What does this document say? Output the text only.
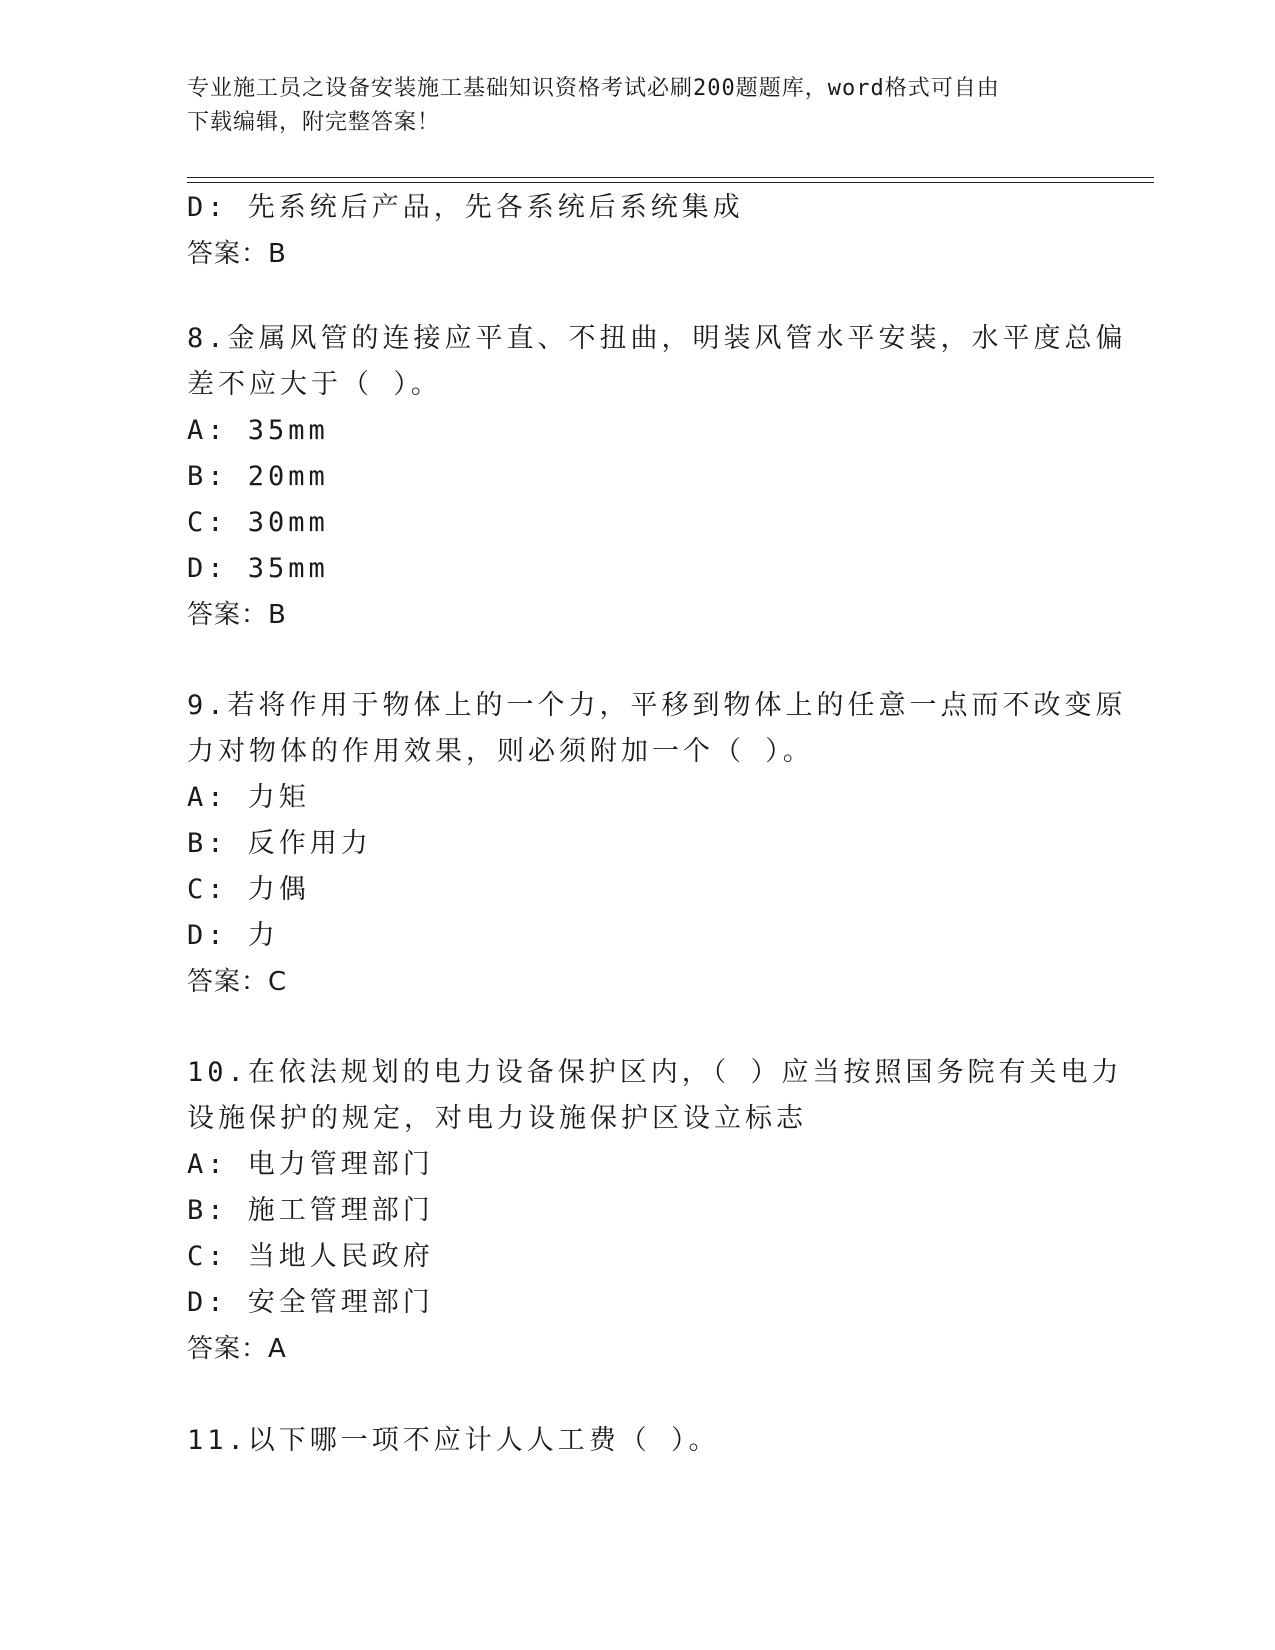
专业施工员之设备安装施工基础知识资格考试必刷200题题库，word格式可自由
下载编辑，附完整答案！
D: 先系统后产品，先各系统后系统集成
答案：B
8.金属风管的连接应平直、不扭曲，明装风管水平安装，水平度总偏
差不应大于（ ）。
A: 35mm
B: 20mm
C: 30mm
D: 35mm
答案：B
9.若将作用于物体上的一个力，平移到物体上的任意一点而不改变原
力对物体的作用效果，则必须附加一个（ ）。
A: 力矩
B: 反作用力
C: 力偶
D: 力
答案：C
10.在依法规划的电力设备保护区内，（ ）应当按照国务院有关电力
设施保护的规定，对电力设施保护区设立标志
A: 电力管理部门
B: 施工管理部门
C: 当地人民政府
D: 安全管理部门
答案：A
11.以下哪一项不应计人人工费（ ）。
